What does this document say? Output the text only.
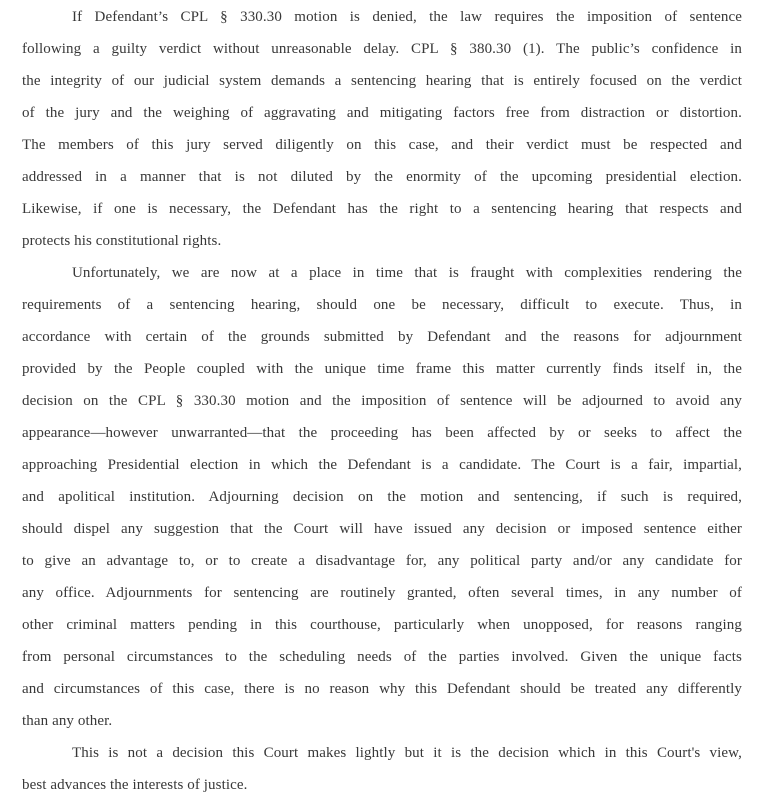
If Defendant’s CPL § 330.30 motion is denied, the law requires the imposition of sentence
following a guilty verdict without unreasonable delay. CPL § 380.30 (1). The public’s confidence in
the integrity of our judicial system demands a sentencing hearing that is entirely focused on the verdict
of the jury and the weighing of aggravating and mitigating factors free from distraction or distortion.
The members of this jury served diligently on this case, and their verdict must be respected and
addressed in a manner that is not diluted by the enormity of the upcoming presidential election.
Likewise, if one is necessary, the Defendant has the right to a sentencing hearing that respects and
protects his constitutional rights.
Unfortunately, we are now at a place in time that is fraught with complexities rendering the
requirements of a sentencing hearing, should one be necessary, difficult to execute. Thus, in
accordance with certain of the grounds submitted by Defendant and the reasons for adjournment
provided by the People coupled with the unique time frame this matter currently finds itself in, the
decision on the CPL § 330.30 motion and the imposition of sentence will be adjourned to avoid any
appearance—however unwarranted—that the proceeding has been affected by or seeks to affect the
approaching Presidential election in which the Defendant is a candidate. The Court is a fair, impartial,
and apolitical institution. Adjourning decision on the motion and sentencing, if such is required,
should dispel any suggestion that the Court will have issued any decision or imposed sentence either
to give an advantage to, or to create a disadvantage for, any political party and/or any candidate for
any office. Adjournments for sentencing are routinely granted, often several times, in any number of
other criminal matters pending in this courthouse, particularly when unopposed, for reasons ranging
from personal circumstances to the scheduling needs of the parties involved. Given the unique facts
and circumstances of this case, there is no reason why this Defendant should be treated any differently
than any other.
This is not a decision this Court makes lightly but it is the decision which in this Court's view,
best advances the interests of justice.
